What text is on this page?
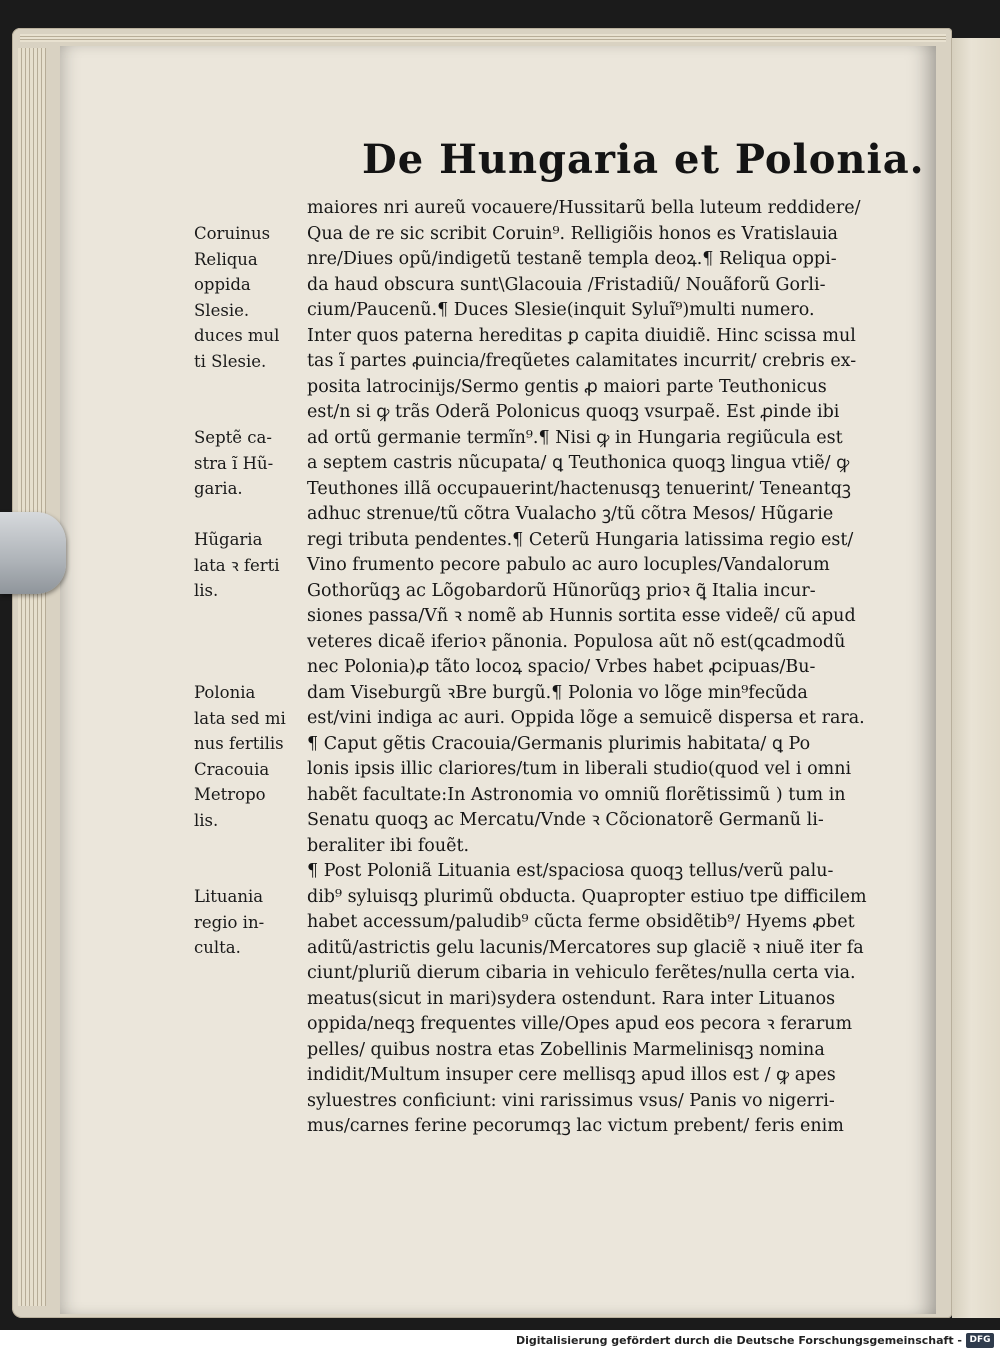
De Hungaria et Polonia.
maiores nri aureũ vocauere/Hussitarũ bella luteum reddidere/
Qua de re sic scribit Coruin⁹. Relligiõis honos es Vratislauia
nre/Diues opũ/indigetũ testanẽ templa deoꝝ.¶ Reliqua oppi-
da haud obscura sunt\Glacouia /Fristadiũ/ Nouãforũ Gorli-
cium/Paucenũ.¶ Duces Slesie(inquit Syluĩ⁹)multi numero.
Inter quos paterna hereditas ꝑ capita diuidiẽ. Hinc scissa mul
tas ĩ partes ꝓuincia/freqũetes calamitates incurrit/ crebris ex-
posita latrocinijs/Sermo gentis ꝓ maiori parte Teuthonicus
est/n si ꝙ trãs Oderã Polonicus quoqꝫ vsurpaẽ. Est ꝓinde ibi
ad ortũ germanie termĩn⁹.¶ Nisi ꝙ in Hungaria regiũcula est
a septem castris nũcupata/ ꝗ Teuthonica quoqꝫ lingua vtiẽ/ ꝙ
Teuthones illã occupauerint/hactenusqꝫ tenuerint/ Teneantqꝫ
adhuc strenue/tũ cõtra Vualacho ꝫ/tũ cõtra Mesos/ Hũgarie
regi tributa pendentes.¶ Ceterũ Hungaria latissima regio est/
Vino frumento pecore pabulo ac auro locuples/Vandalorum
Gothorũqꝫ ac Lõgobardorũ Hũnorũqꝫ prioꝛ ꝗ̃ Italia incur-
siones passa/Vñ ꝛ nomẽ ab Hunnis sortita esse videẽ/ cũ apud
veteres dicaẽ iferioꝛ pãnonia. Populosa aũt nõ est(ꝗcadmodũ
nec Polonia)ꝓ tãto locoꝝ spacio/ Vrbes habet ꝓcipuas/Bu-
dam Viseburgũ ꝛBre burgũ.¶ Polonia vo lõge min⁹fecũda
est/vini indiga ac auri. Oppida lõge a semuicẽ dispersa et rara.
¶ Caput gẽtis Cracouia/Germanis plurimis habitata/ ꝗ Po
lonis ipsis illic clariores/tum in liberali studio(quod vel i omni
habẽt facultate:In Astronomia vo omniũ florẽtissimũ ) tum in
Senatu quoqꝫ ac Mercatu/Vnde ꝛ Cõcionatorẽ Germanũ li-
beraliter ibi fouẽt.
¶ Post Poloniã Lituania est/spaciosa quoqꝫ tellus/verũ palu-
dib⁹ syluisqꝫ plurimũ obducta. Quapropter estiuo tpe difficilem
habet accessum/paludib⁹ cũcta ferme obsidẽtib⁹/ Hyems ꝓbet
aditũ/astrictis gelu lacunis/Mercatores sup glaciẽ ꝛ niuẽ iter fa
ciunt/pluriũ dierum cibaria in vehiculo ferẽtes/nulla certa via.
meatus(sicut in mari)sydera ostendunt. Rara inter Lituanos
oppida/neqꝫ frequentes ville/Opes apud eos pecora ꝛ ferarum
pelles/ quibus nostra etas Zobellinis Marmelinisqꝫ nomina
indidit/Multum insuper cere mellisqꝫ apud illos est / ꝙ apes
syluestres conficiunt: vini rarissimus vsus/ Panis vo nigerri-
mus/carnes ferine pecorumqꝫ lac victum prebent/ feris enim
Coruinus
Reliqua
oppida
Slesie.
duces mul
ti Slesie.
Septẽ ca-
stra ĩ Hũ-
garia.
Hũgaria
lata ꝛ ferti
lis.
Polonia
lata sed mi
nus fertilis
Cracouia
Metropo
lis.
Lituania
regio in-
culta.
Digitalisierung gefördert durch die Deutsche Forschungsgemeinschaft - DFG
